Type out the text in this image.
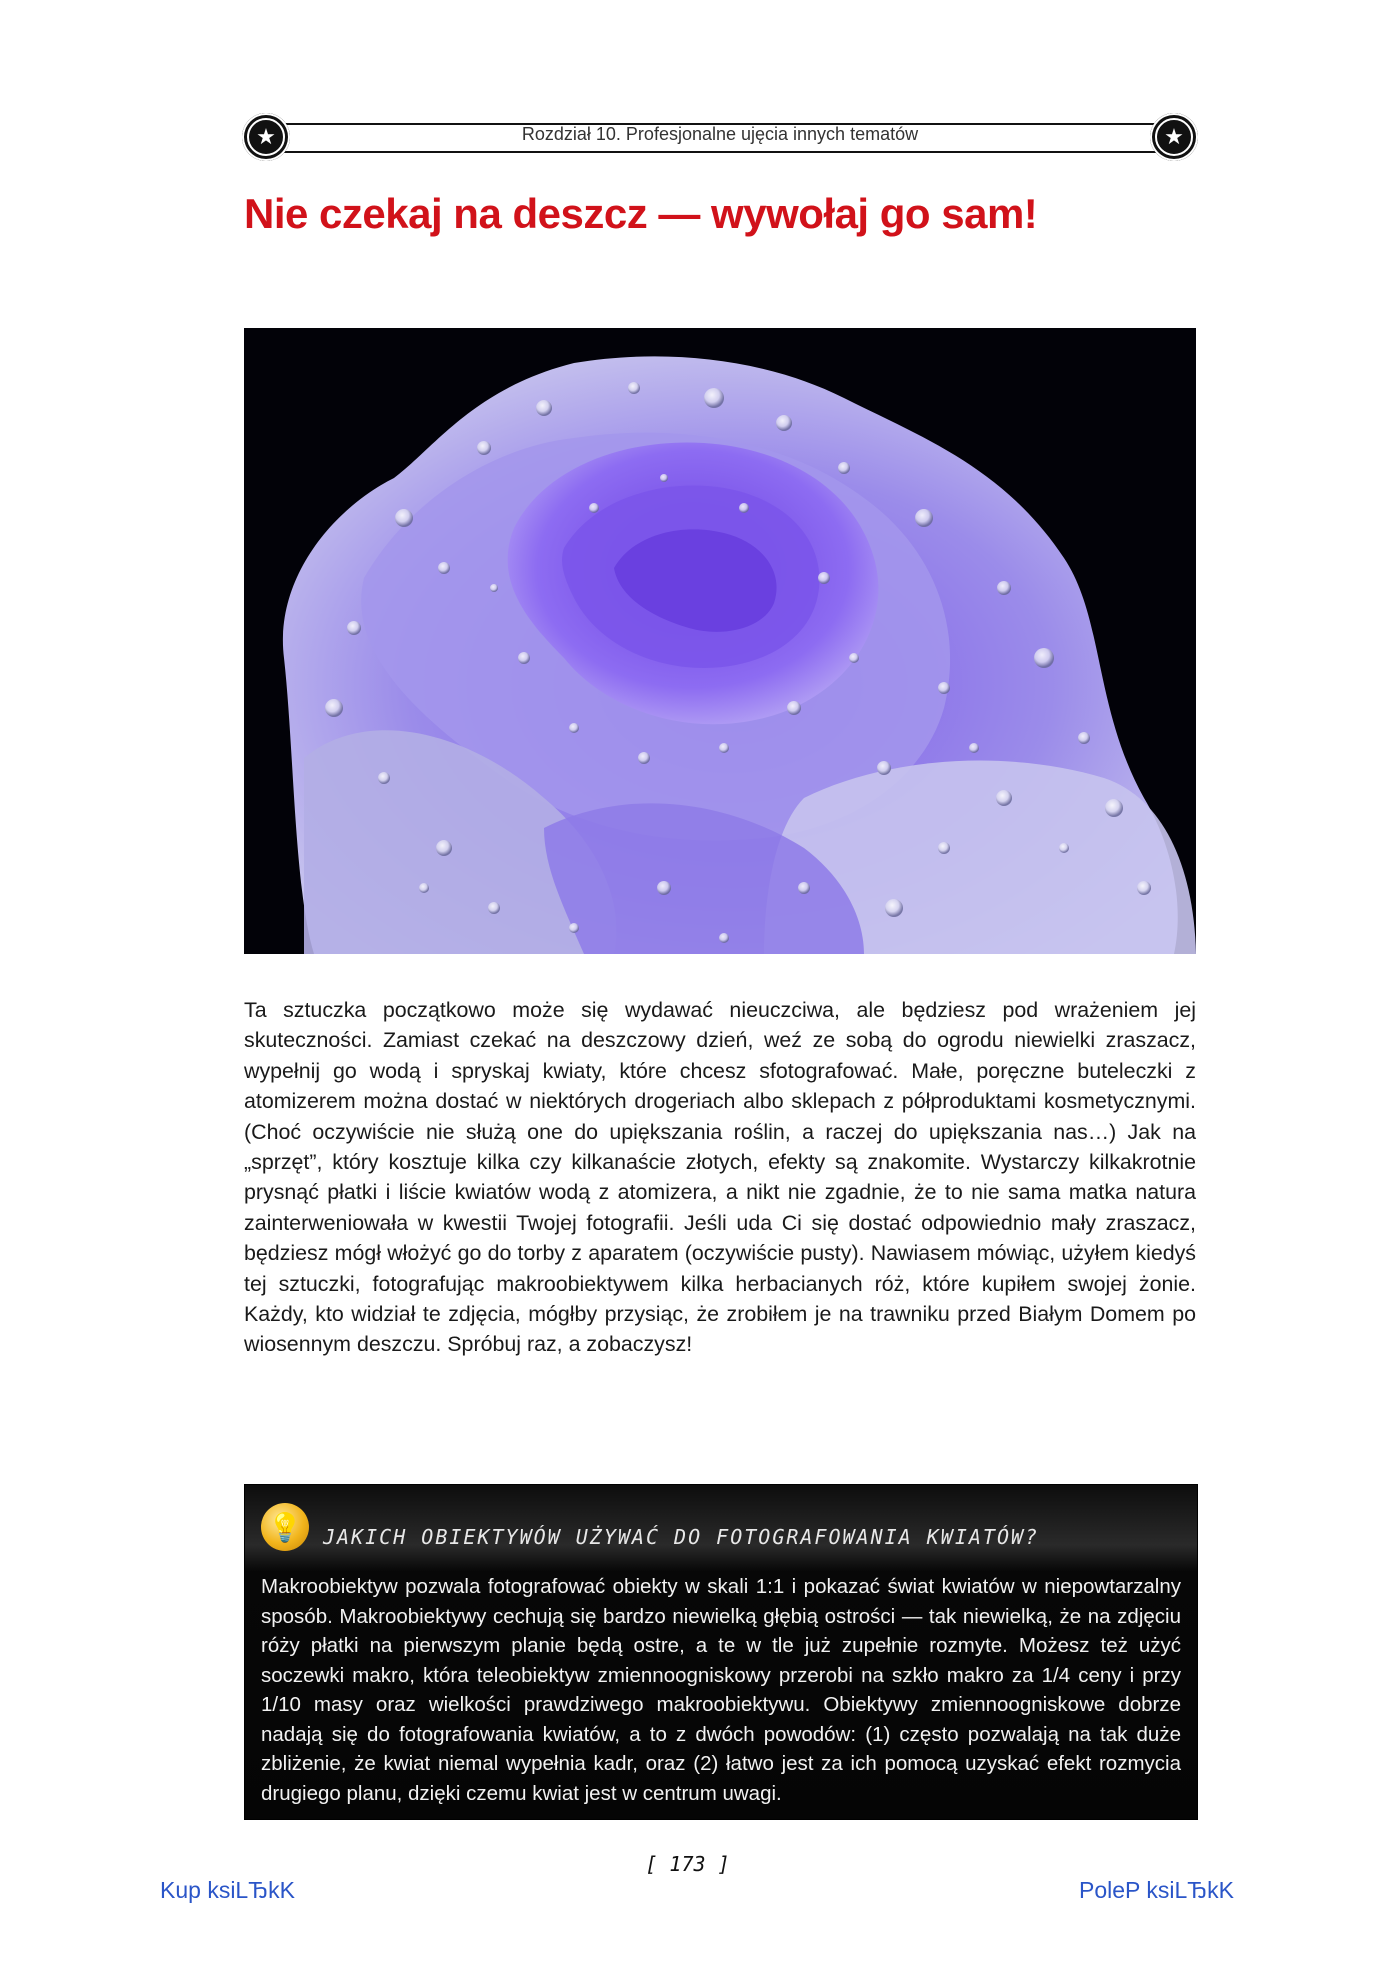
★	Rozdział 10. Profesjonalne ujęcia innych tematów	★
Nie czekaj na deszcz — wywołaj go sam!
Ta sztuczka początkowo może się wydawać nieuczciwa, ale będziesz pod wrażeniem jej skuteczności. Zamiast czekać na deszczowy dzień, weź ze sobą do ogrodu niewielki zraszacz, wypełnij go wodą i spryskaj kwiaty, które chcesz sfotografować. Małe, poręczne buteleczki z atomizerem można dostać w niektórych drogeriach albo sklepach z półproduktami kosmetycznymi. (Choć oczywiście nie służą one do upiększania roślin, a raczej do upiększania nas…) Jak na „sprzęt”, który kosztuje kilka czy kilkanaście złotych, efekty są znakomite. Wystarczy kilkakrotnie prysnąć płatki i liście kwiatów wodą z atomizera, a nikt nie zgadnie, że to nie sama matka natura zainterweniowała w kwestii Twojej fotografii. Jeśli uda Ci się dostać odpowiednio mały zraszacz, będziesz mógł włożyć go do torby z aparatem (oczywiście pusty). Nawiasem mówiąc, użyłem kiedyś tej sztuczki, fotografując makroobiektywem kilka herbacianych róż, które kupiłem swojej żonie. Każdy, kto widział te zdjęcia, mógłby przysiąc, że zrobiłem je na trawniku przed Białym Domem po wiosennym deszczu. Spróbuj raz, a zobaczysz!
💡	JAKICH OBIEKTYWÓW UŻYWAĆ DO FOTOGRAFOWANIA KWIATÓW?
Makroobiektyw pozwala fotografować obiekty w skali 1:1 i pokazać świat kwiatów w niepowtarzalny sposób. Makroobiektywy cechują się bardzo niewielką głębią ostrości — tak niewielką, że na zdjęciu róży płatki na pierwszym planie będą ostre, a te w tle już zupełnie rozmyte. Możesz też użyć soczewki makro, która teleobiektyw zmiennoogniskowy przerobi na szkło makro za 1/4 ceny i przy 1/10 masy oraz wielkości prawdziwego makroobiektywu. Obiektywy zmiennoogniskowe dobrze nadają się do fotografowania kwiatów, a to z dwóch powodów: (1) często pozwalają na tak duże zbliżenie, że kwiat niemal wypełnia kadr, oraz (2) łatwo jest za ich pomocą uzyskać efekt rozmycia drugiego planu, dzięki czemu kwiat jest w centrum uwagi.
[ 173 ]
Kup ksiLЂkK	PoleP ksiLЂkK
